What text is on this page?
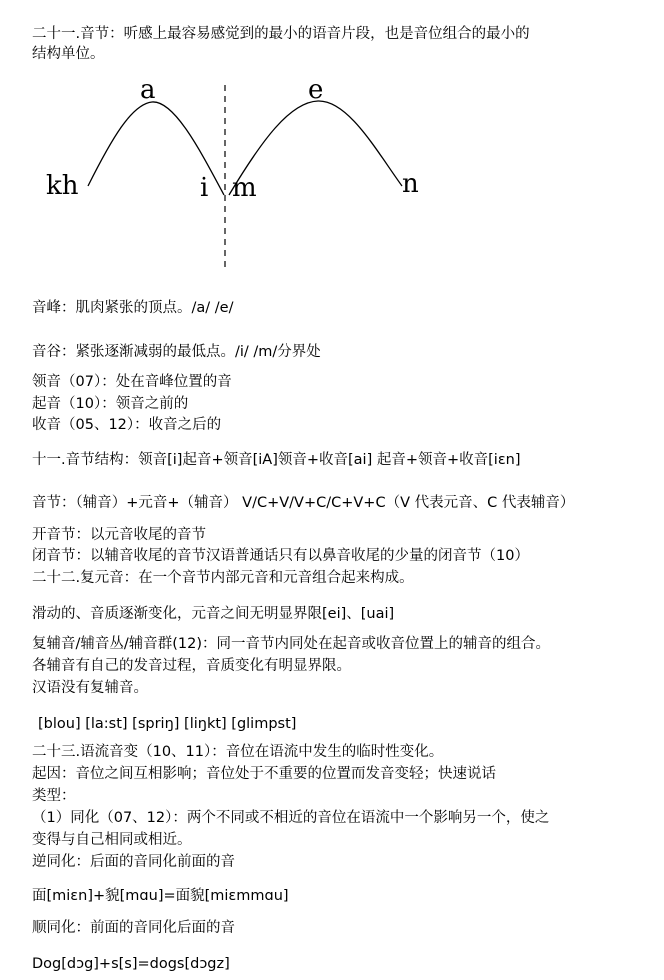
kh
a
i m
e
n
二十一.音节：听感上最容易感觉到的最小的语音片段，也是音位组合的最小的
结构单位。
音峰：肌肉紧张的顶点。/a/ /e/
音谷：紧张逐渐减弱的最低点。/i/ /m/分界处
领音（07）：处在音峰位置的音
起音（10）：领音之前的
收音（05、12）：收音之后的
十一.音节结构：领音[i]起音+领音[iA]领音+收音[ai] 起音+领音+收音[iɛn]
音节：（辅音）+元音+（辅音） V/C+V/V+C/C+V+C（V 代表元音、C 代表辅音）
开音节：以元音收尾的音节
闭音节：以辅音收尾的音节汉语普通话只有以鼻音收尾的少量的闭音节（10）
二十二.复元音：在一个音节内部元音和元音组合起来构成。
滑动的、音质逐渐变化，元音之间无明显界限[ei]、[uai]
复辅音/辅音丛/辅音群(12)：同一音节内同处在起音或收音位置上的辅音的组合。
各辅音有自己的发音过程，音质变化有明显界限。
汉语没有复辅音。
[blou] [la:st] [spriŋ] [liŋkt] [glimpst]
二十三.语流音变（10、11）：音位在语流中发生的临时性变化。
起因：音位之间互相影响；音位处于不重要的位置而发音变轻；快速说话
类型：
（1）同化（07、12）：两个不同或不相近的音位在语流中一个影响另一个，使之
变得与自己相同或相近。
逆同化：后面的音同化前面的音
面[miɛn]+貌[mɑu]=面貌[miɛmmɑu]
顺同化：前面的音同化后面的音
Dog[dɔg]+s[s]=dogs[dɔgz]
